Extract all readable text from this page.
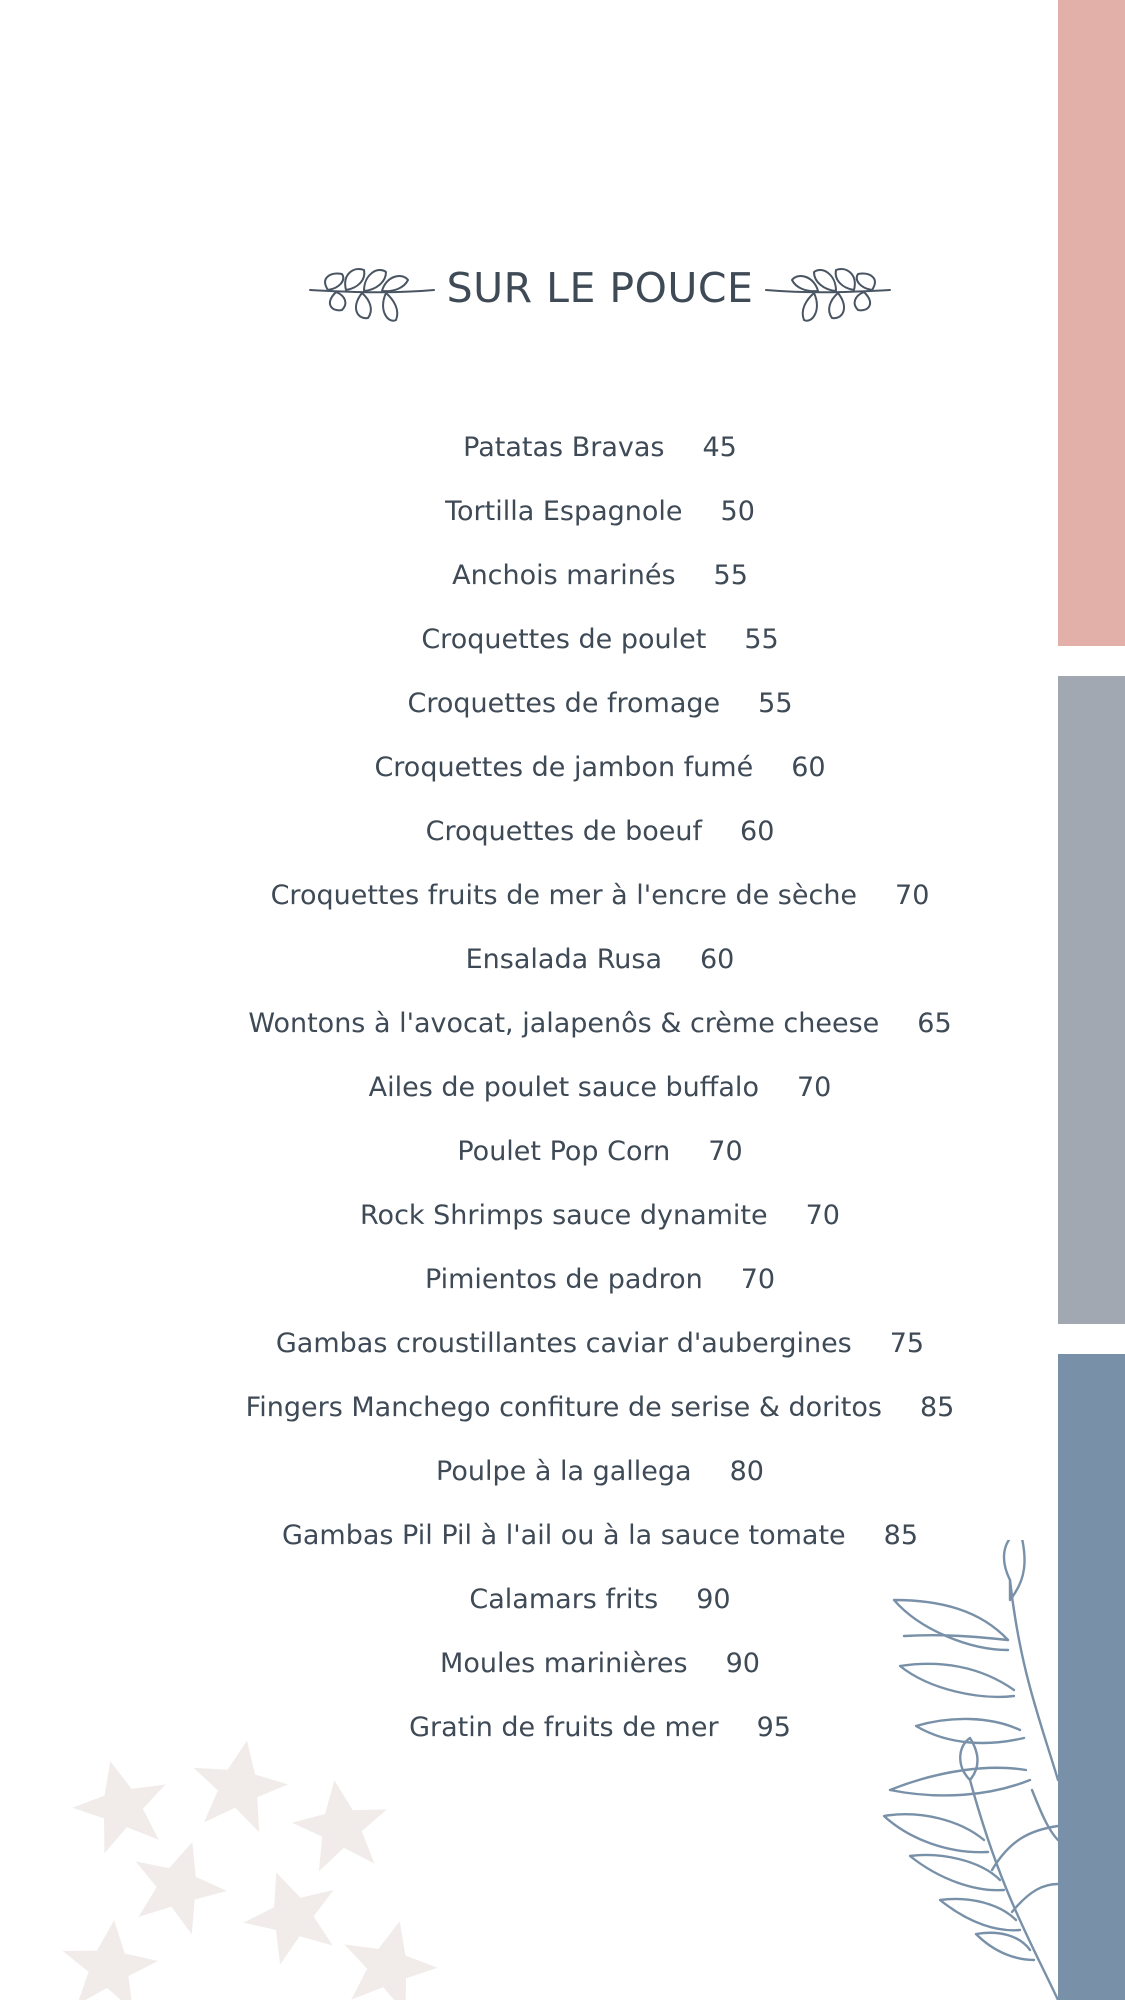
SUR LE POUCE
Patatas Bravas 45
Tortilla Espagnole 50
Anchois marinés 55
Croquettes de poulet 55
Croquettes de fromage 55
Croquettes de jambon fumé 60
Croquettes de boeuf 60
Croquettes fruits de mer à l'encre de sèche 70
Ensalada Rusa 60
Wontons à l'avocat, jalapenôs & crème cheese 65
Ailes de poulet sauce buffalo 70
Poulet Pop Corn 70
Rock Shrimps sauce dynamite 70
Pimientos de padron 70
Gambas croustillantes caviar d'aubergines 75
Fingers Manchego confiture de serise & doritos 85
Poulpe à la gallega 80
Gambas Pil Pil à l'ail ou à la sauce tomate 85
Calamars frits 90
Moules marinières 90
Gratin de fruits de mer 95
